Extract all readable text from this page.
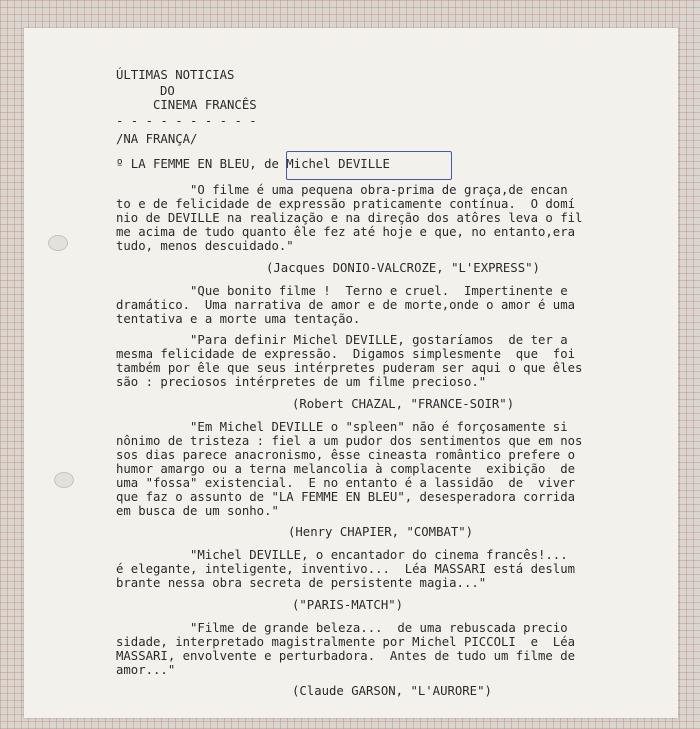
ÚLTIMAS NOTICIAS
DO
CINEMA FRANCÊS
- - - - - - - - - -
/NA FRANÇA/
º LA FEMME EN BLEU, de Michel DEVILLE
"O filme é uma pequena obra-prima de graça,de encan
to e de felicidade de expressão praticamente contínua.  O domí
nio de DEVILLE na realização e na direção dos atôres leva o fil
me acima de tudo quanto êle fez até hoje e que, no entanto,era
tudo, menos descuidado."
(Jacques DONIO-VALCROZE, "L'EXPRESS")
"Que bonito filme !  Terno e cruel.  Impertinente e
dramático.  Uma narrativa de amor e de morte,onde o amor é uma
tentativa e a morte uma tentação.
"Para definir Michel DEVILLE, gostaríamos  de ter a
mesma felicidade de expressão.  Digamos simplesmente  que  foi
também por êle que seus intérpretes puderam ser aqui o que êles
são : preciosos intérpretes de um filme precioso."
(Robert CHAZAL, "FRANCE-SOIR")
"Em Michel DEVILLE o "spleen" não é forçosamente si
nônimo de tristeza : fiel a um pudor dos sentimentos que em nos
sos dias parece anacronismo, êsse cineasta romântico prefere o
humor amargo ou a terna melancolia à complacente  exibição  de
uma "fossa" existencial.  E no entanto é a lassidão  de  viver
que faz o assunto de "LA FEMME EN BLEU", desesperadora corrida
em busca de um sonho."
(Henry CHAPIER, "COMBAT")
"Michel DEVILLE, o encantador do cinema francês!...
é elegante, inteligente, inventivo...  Léa MASSARI está deslum
brante nessa obra secreta de persistente magia..."
("PARIS-MATCH")
"Filme de grande beleza...  de uma rebuscada precio
sidade, interpretado magistralmente por Michel PICCOLI  e  Léa
MASSARI, envolvente e perturbadora.  Antes de tudo um filme de
amor..."
(Claude GARSON, "L'AURORE")
